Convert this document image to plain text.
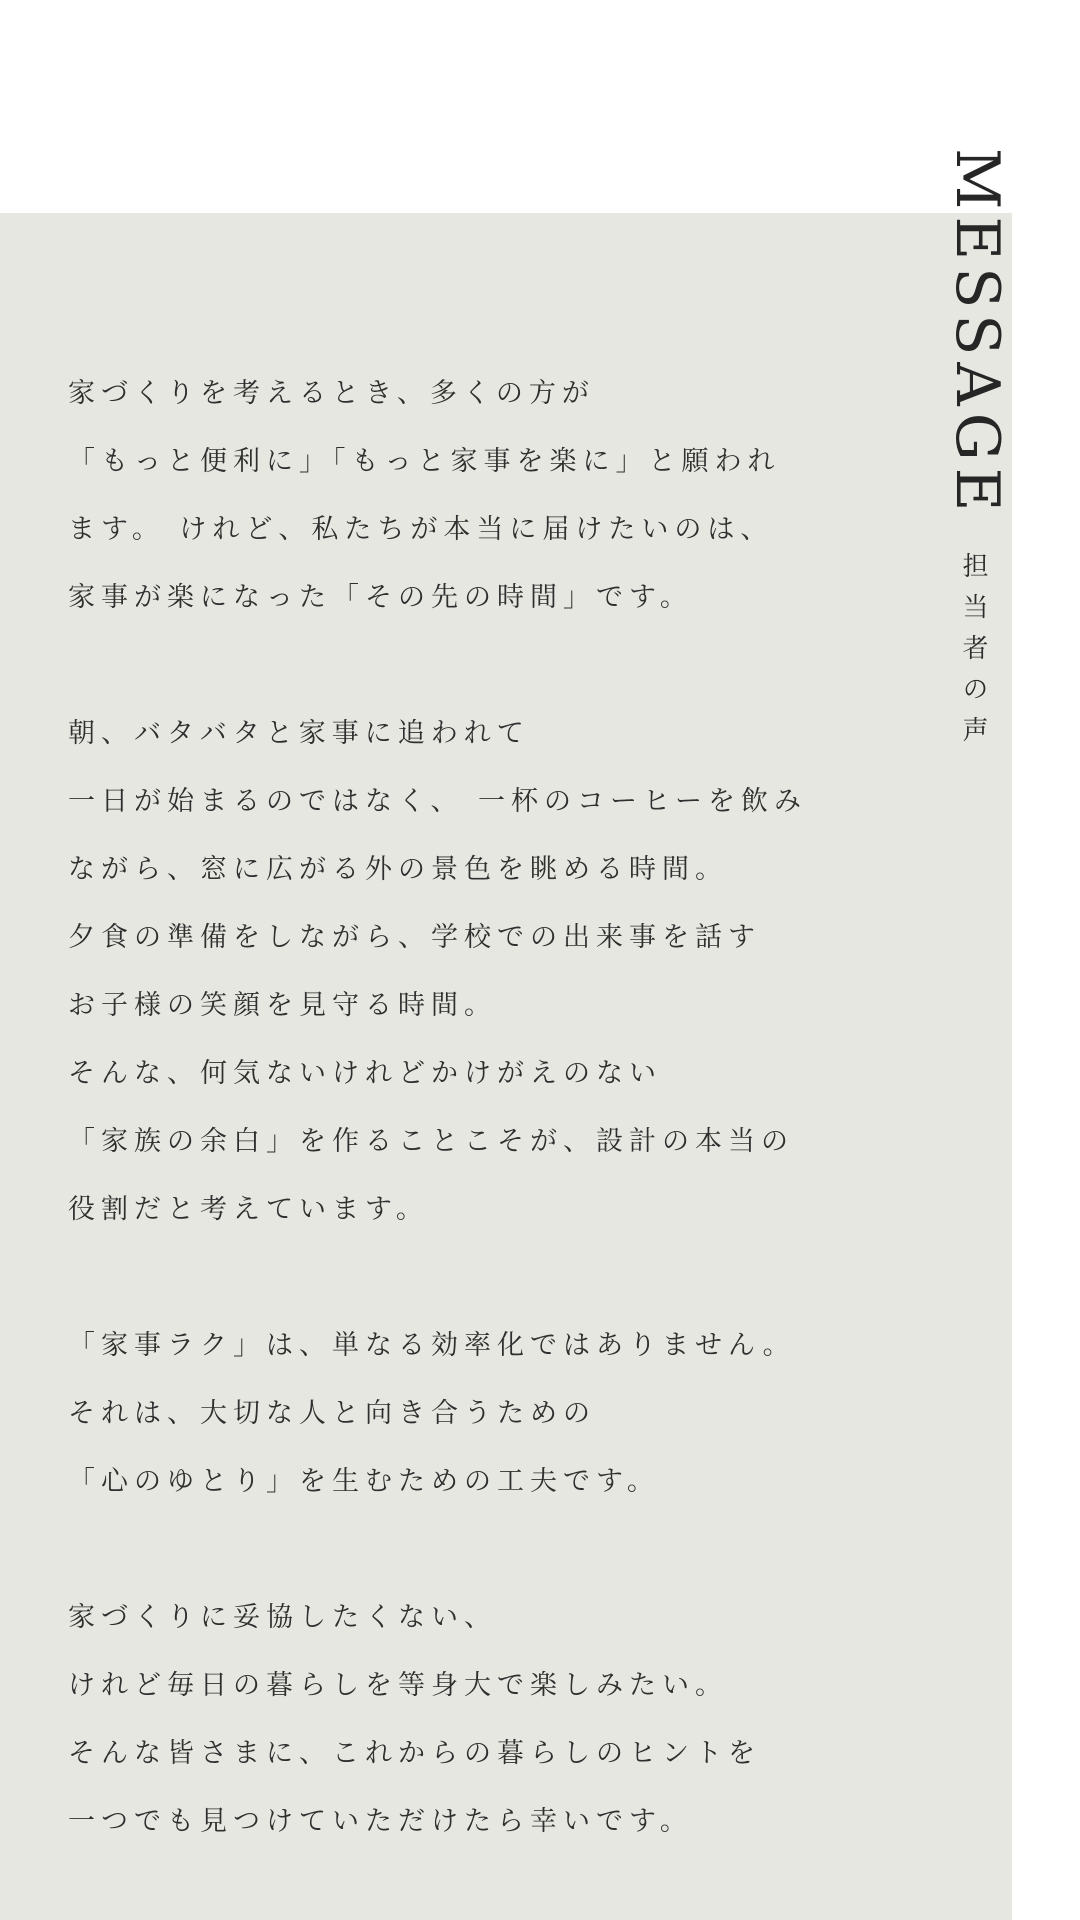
MESSAGE
担当者の声
家づくりを考えるとき、多くの方が
「もっと便利に」「もっと家事を楽に」と願われ
ます。 けれど、私たちが本当に届けたいのは、
家事が楽になった「その先の時間」です。
朝、バタバタと家事に追われて
一日が始まるのではなく、 一杯のコーヒーを飲み
ながら、窓に広がる外の景色を眺める時間。
夕食の準備をしながら、学校での出来事を話す
お子様の笑顔を見守る時間。
そんな、何気ないけれどかけがえのない
「家族の余白」を作ることこそが、設計の本当の
役割だと考えています。
「家事ラク」は、単なる効率化ではありません。
それは、大切な人と向き合うための
「心のゆとり」を生むための工夫です。
家づくりに妥協したくない、
けれど毎日の暮らしを等身大で楽しみたい。
そんな皆さまに、これからの暮らしのヒントを
一つでも見つけていただけたら幸いです。
